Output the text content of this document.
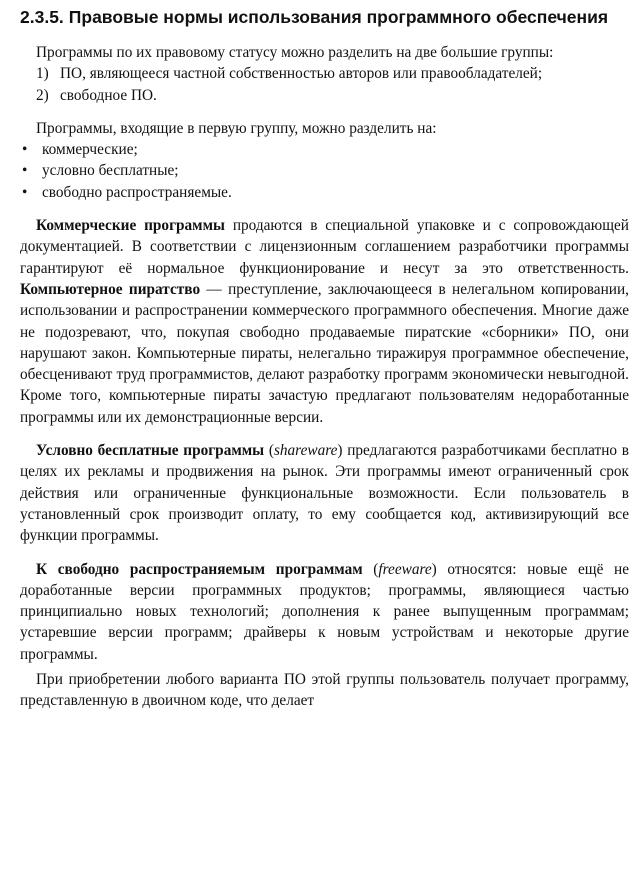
2.3.5. Правовые нормы использования программного обеспечения

Программы по их правовому статусу можно разделить на две большие группы:

1) ПО, являющееся частной собственностью авторов или правообладателей;
2) свободное ПО.

Программы, входящие в первую группу, можно разделить на:

• коммерческие;
• условно бесплатные;
• свободно распространяемые.

Коммерческие программы продаются в специальной упаковке и с сопровождающей документацией. В соответствии с лицензионным соглашением разработчики программы гарантируют её нормальное функционирование и несут за это ответственность. Компьютерное пиратство — преступление, заключающееся в нелегальном копировании, использовании и распространении коммерческого программного обеспечения. Многие даже не подозревают, что, покупая свободно продаваемые пиратские «сборники» ПО, они нарушают закон. Компьютерные пираты, нелегально тиражируя программное обеспечение, обесценивают труд программистов, делают разработку программ экономически невыгодной. Кроме того, компьютерные пираты зачастую предлагают пользователям недоработанные программы или их демонстрационные версии.

Условно бесплатные программы (shareware) предлагаются разработчиками бесплатно в целях их рекламы и продвижения на рынок. Эти программы имеют ограниченный срок действия или ограниченные функциональные возможности. Если пользователь в установленный срок производит оплату, то ему сообщается код, активизирующий все функции программы.

К свободно распространяемым программам (freeware) относятся: новые ещё не доработанные версии программных продуктов; программы, являющиеся частью принципиально новых технологий; дополнения к ранее выпущенным программам; устаревшие версии программ; драйверы к новым устройствам и некоторые другие программы.

При приобретении любого варианта ПО этой группы пользователь получает программу, представленную в двоичном коде, что делает
